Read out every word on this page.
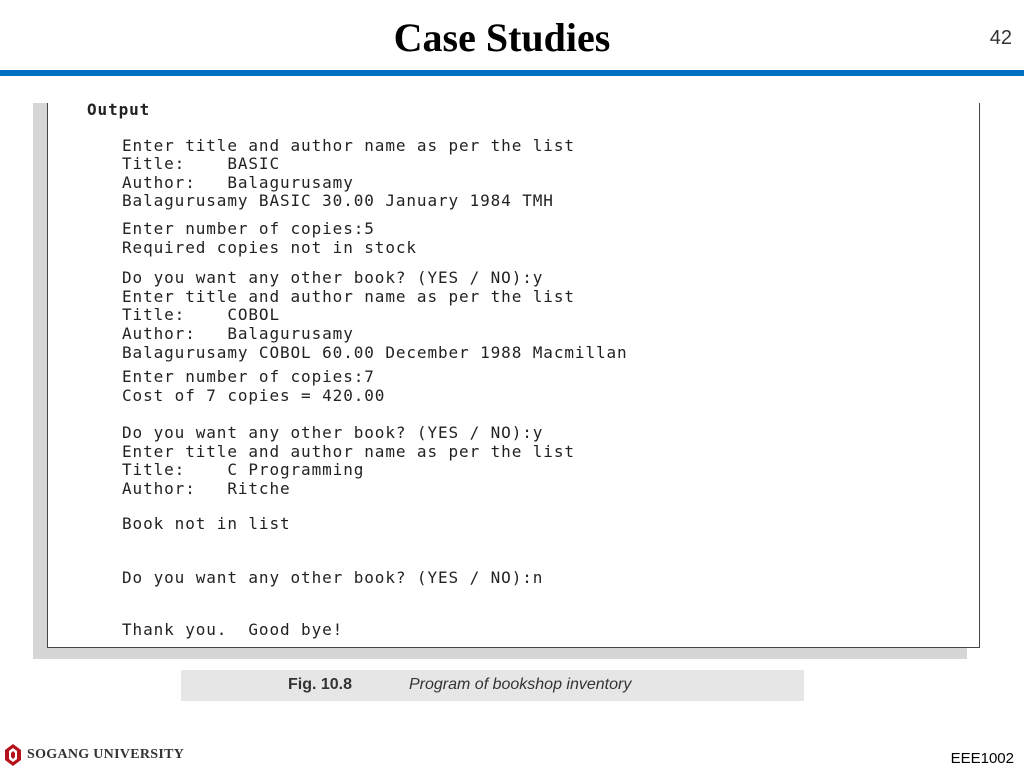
Case Studies	42
Output
Enter title and author name as per the list
Title:    BASIC
Author:   Balagurusamy
Balagurusamy BASIC 30.00 January 1984 TMH
Enter number of copies:5
Required copies not in stock
Do you want any other book? (YES / NO):y
Enter title and author name as per the list
Title:    COBOL
Author:   Balagurusamy
Balagurusamy COBOL 60.00 December 1988 Macmillan
Enter number of copies:7
Cost of 7 copies = 420.00
Do you want any other book? (YES / NO):y
Enter title and author name as per the list
Title:    C Programming
Author:   Ritche
Book not in list
Do you want any other book? (YES / NO):n
Thank you.  Good bye!
Fig. 10.8	Program of bookshop inventory
SOGANG UNIVERSITY	EEE1002
